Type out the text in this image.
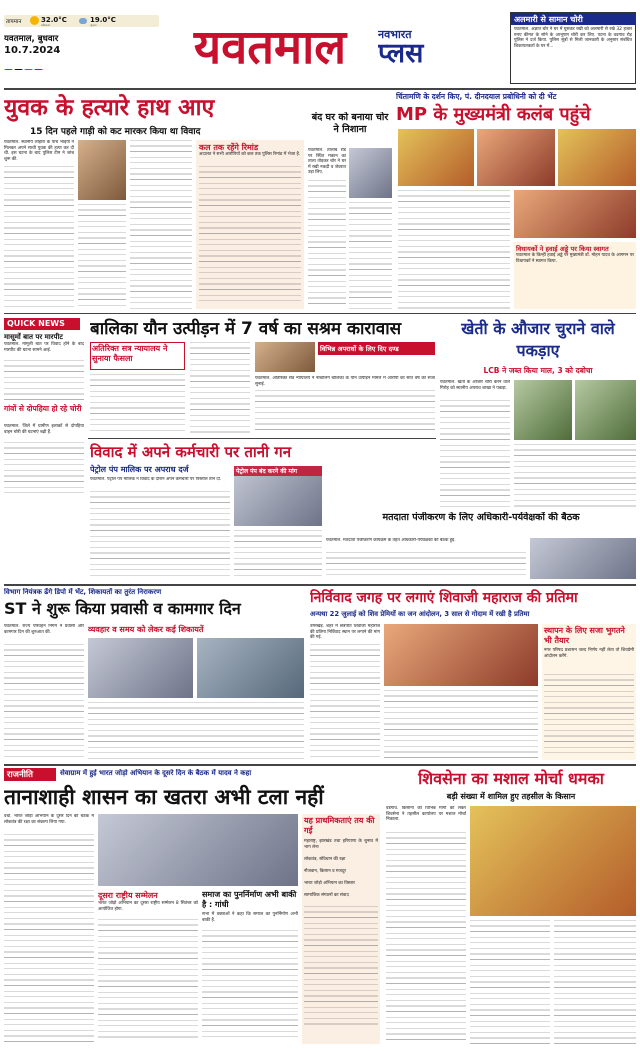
तापमान	32.0°C
अधिकतम
19.0°C
न्यूनतम
यवतमाल, बुधवार
10.7.2024	यवतमाल	नवभारत
प्लस
अलमारी से सामान चोरी
यवतमाल. अज्ञात चोर ने घर में घुसकर रखी को अलमारी से रखे 32 हजार रुपए कीमत के सोने के आभूषण चोरी कर लिए. पटना के वडगाव रोड़ पुलिस ने दर्ज किया. पुलिस सूत्रों से मिली जानकारी के अनुसार संबंधित शिकायतकर्ता के घर में...
युवक के हत्यारे हाथ आए
15 दिन पहले गाड़ी को कट मारकर किया था विवाद
यवतमाल. स्थानीय लोहारा के पांच भाईयों ने मिलकर अपने साथी युवक की हत्या कर दी थी. इस घटना के बाद पुलिस टीम ने जांच शुरू की.
कल तक रहेंगे रिमांड
अदालत ने सभी आरोपियों को कल तक पुलिस रिमांड में भेजा है.
बंद घर को बनाया चोर ने निशाना
यवतमाल. तालाब रोड पर स्थित मकान का ताला तोड़कर चोर ने घर में रखी नकदी व जेवरात उड़ा लिए.
चिंतामणि के दर्शन किए, पं. दीनदयाल प्रबोधिनी को दी भेंट
MP के मुख्यमंत्री कलंब पहुंचे
विधायकों ने हवाई अड्डे पर किया स्वागत
यवतमाल के किन्हीं हवाई अड्डे पर मुख्यमंत्री डॉ. मोहन यादव के आगमन पर विधायकों ने स्वागत किया.
QUICK NEWS
मासूमों बात पर मारपीट
यवतमाल. मामूली बात पर विवाद होने के बाद मारपीट की घटना सामने आई.
गांवों से दोपहिया हो रहे चोरी
यवतमाल. जिले में ग्रामीण इलाकों से दोपहिया वाहन चोरी की घटनाएं बढ़ी हैं.
बालिका यौन उत्पीड़न में 7 वर्ष का सश्रम कारावास
अतिरिक्त सत्र न्यायालय ने सुनाया फैसला
विभिन्न अपराधों के लिए दिए दण्ड
यवतमाल. अतिरिक्त सत्र न्यायालय ने नाबालिग बालिका के यौन उत्पीड़न मामले में आरोपी को सात वर्ष की सजा सुनाई.
खेती के औजार चुराने वाले पकड़ाए
LCB ने जब्त किया माल, 3 को दबोचा
यवतमाल. खेती के औजार चोरी करने वाले गिरोह को स्थानीय अपराध शाखा ने पकड़ा.
विवाद में अपने कर्मचारी पर तानी गन
पेट्रोल पंप मालिक पर अपराध दर्ज
यवतमाल. पेट्रोल पंप मालिक ने विवाद के दौरान अपने कर्मचारी पर पिस्तौल तान दी.
पेट्रोल पंप बंद करने की मांग
मतदाता पंजीकरण के लिए अधिकारी-पर्यवेक्षकों की बैठक
यवतमाल. मतदाता पंजीकरण कार्यक्रम के तहत अधिकारी-पर्यवेक्षकों की बैठक हुई.
विभाग नियंत्रक ढेंगे डिपो में भेंट, शिकायतों का तुरंत निराकरण
ST ने शुरू किया प्रवासी व कामगार दिन
यवतमाल. राज्य परिवहन निगम ने प्रवासी और कामगार दिन की शुरुआत की.	व्यवहार व समय को लेकर कई शिकायतें
निर्विवाद जगह पर लगाएं शिवाजी महाराज की प्रतिमा
अन्यथा 22 जुलाई को शिव प्रेमियों का जन आंदोलन, 3 साल से गोदाम में रखी है प्रतिमा
उमरखेड़. शहर में छत्रपति शिवाजी महाराज की प्रतिमा निर्विवाद स्थान पर लगाने की मांग की गई.
स्थापन के लिए सजा भुगतने भी तैयार
नगर परिषद प्रशासन जल्द निर्णय नहीं लेता तो शिवप्रेमी आंदोलन करेंगे.
राजनीति	सेवाग्राम में हुई भारत जोड़ो अभियान के दूसरे दिन के बैठक में यादव ने कहा
तानाशाही शासन का खतरा अभी टला नहीं
वर्धा. भारत जोड़ो अभियान के दूसरे दिन की बैठक में लोकतंत्र की रक्षा का संकल्प लिया गया.	यह प्राथमिकताएं तय की गईं
महाराष्ट्र, झारखंड तथा हरियाणा के चुनाव में भाग लेना
लोकतंत्र, संविधान की रक्षा
नौजवान, किसान व मजदूर
भारत जोड़ो अभियान का विस्तार
सामाजिक संगठनों का संवाद
दूसरा राष्ट्रीय सम्मेलन
भारत जोड़ो अभियान का दूसरा राष्ट्रीय सम्मेलन 8 सितंबर को आयोजित होगा.
समाज का पुनर्निर्माण अभी बाकी है : गांधी
सभा में वक्ताओं ने कहा कि समाज का पुनर्निर्माण अभी बाकी है.
शिवसेना का मशाल मोर्चा धमका
बड़ी संख्या में शामिल हुए तहसील के किसान
वडगांव. किसानों की विभिन्न मांगों को लेकर शिवसेना ने तहसील कार्यालय पर मशाल मोर्चा निकाला.
